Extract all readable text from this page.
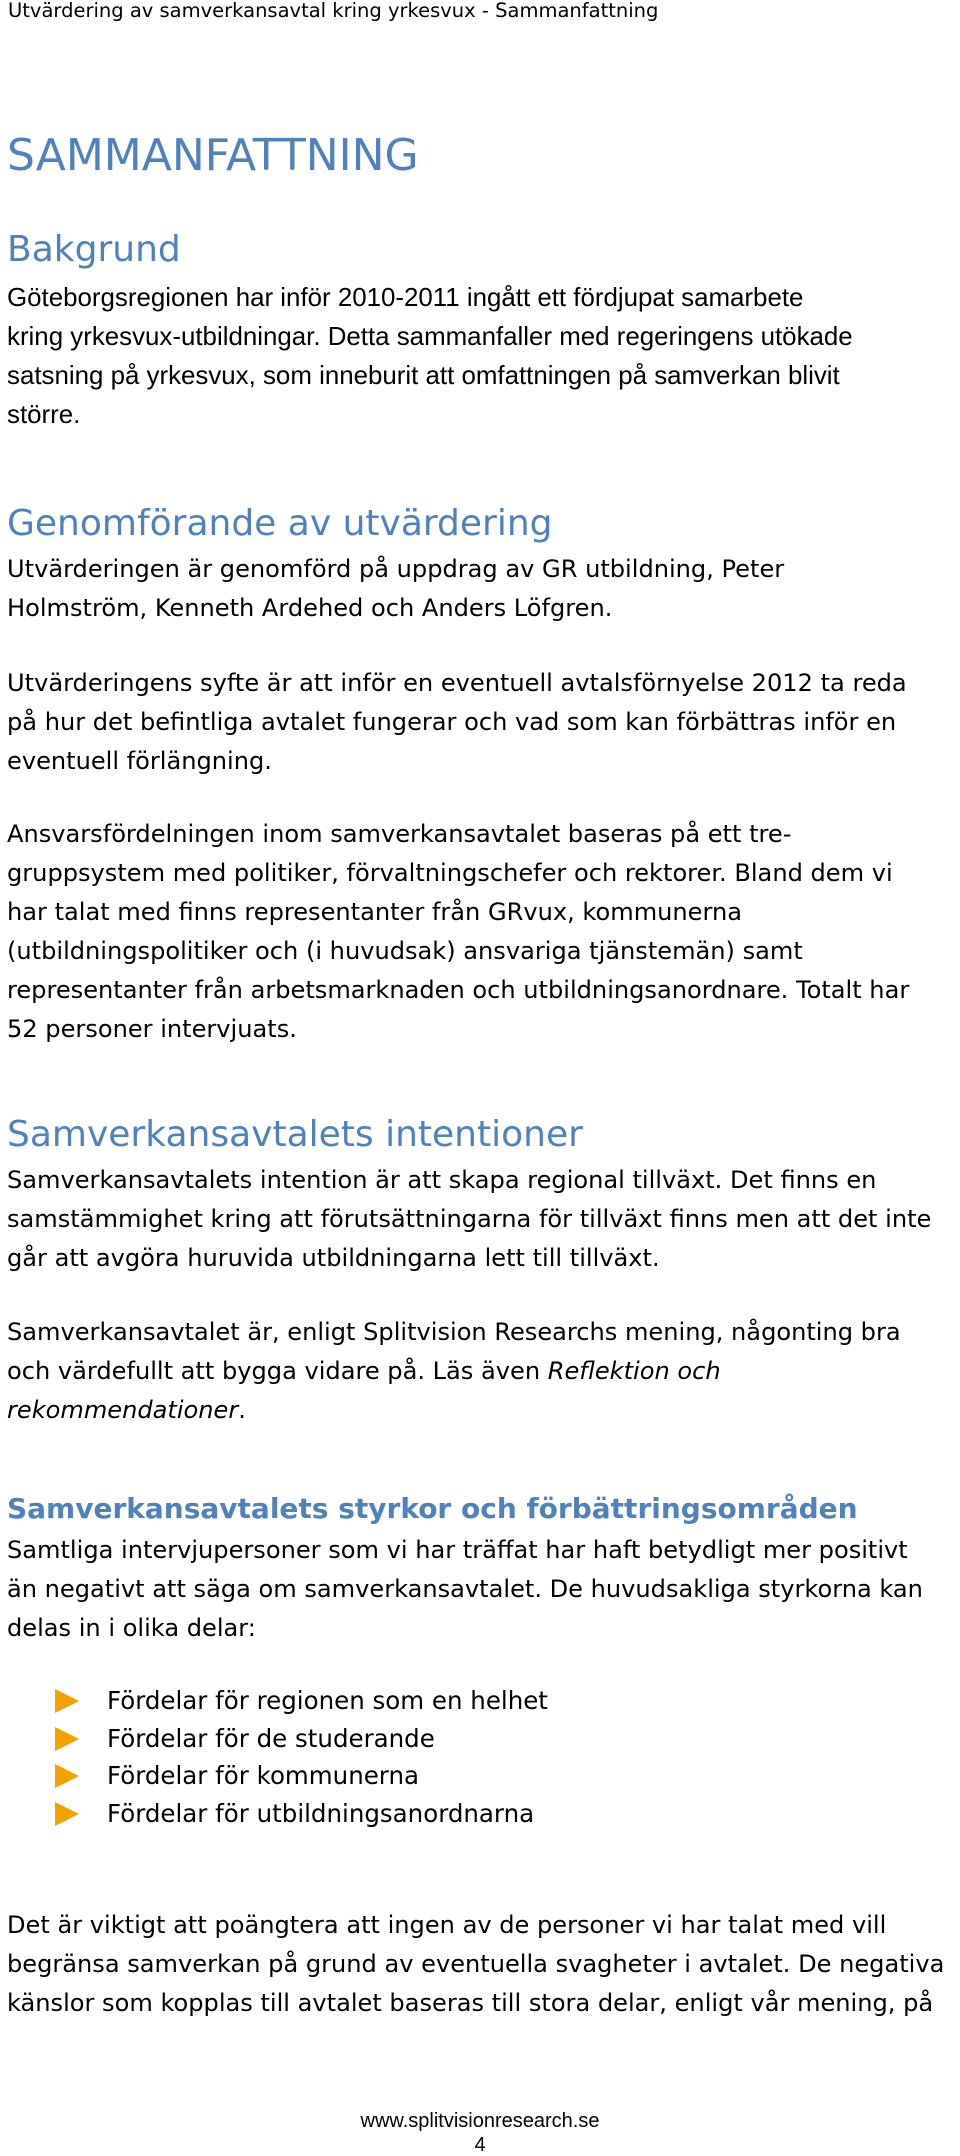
Utvärdering av samverkansavtal kring yrkesvux - Sammanfattning
SAMMANFATTNING
Bakgrund
Göteborgsregionen har inför 2010-2011 ingått ett fördjupat samarbete
kring yrkesvux-utbildningar. Detta sammanfaller med regeringens utökade
satsning på yrkesvux, som inneburit att omfattningen på samverkan blivit
större.
Genomförande av utvärdering
Utvärderingen är genomförd på uppdrag av GR utbildning, Peter
Holmström, Kenneth Ardehed och Anders Löfgren.
Utvärderingens syfte är att inför en eventuell avtalsförnyelse 2012 ta reda
på hur det befintliga avtalet fungerar och vad som kan förbättras inför en
eventuell förlängning.
Ansvarsfördelningen inom samverkansavtalet baseras på ett tre-
gruppsystem med politiker, förvaltningschefer och rektorer. Bland dem vi
har talat med finns representanter från GRvux, kommunerna
(utbildningspolitiker och (i huvudsak) ansvariga tjänstemän) samt
representanter från arbetsmarknaden och utbildningsanordnare. Totalt har
52 personer intervjuats.
Samverkansavtalets intentioner
Samverkansavtalets intention är att skapa regional tillväxt. Det finns en
samstämmighet kring att förutsättningarna för tillväxt finns men att det inte
går att avgöra huruvida utbildningarna lett till tillväxt.
Samverkansavtalet är, enligt Splitvision Researchs mening, någonting bra
och värdefullt att bygga vidare på. Läs även Reflektion och
rekommendationer.
Samverkansavtalets styrkor och förbättringsområden
Samtliga intervjupersoner som vi har träffat har haft betydligt mer positivt
än negativt att säga om samverkansavtalet. De huvudsakliga styrkorna kan
delas in i olika delar:
Fördelar för regionen som en helhet
Fördelar för de studerande
Fördelar för kommunerna
Fördelar för utbildningsanordnarna
Det är viktigt att poängtera att ingen av de personer vi har talat med vill
begränsa samverkan på grund av eventuella svagheter i avtalet. De negativa
känslor som kopplas till avtalet baseras till stora delar, enligt vår mening, på
www.splitvisionresearch.se
4
